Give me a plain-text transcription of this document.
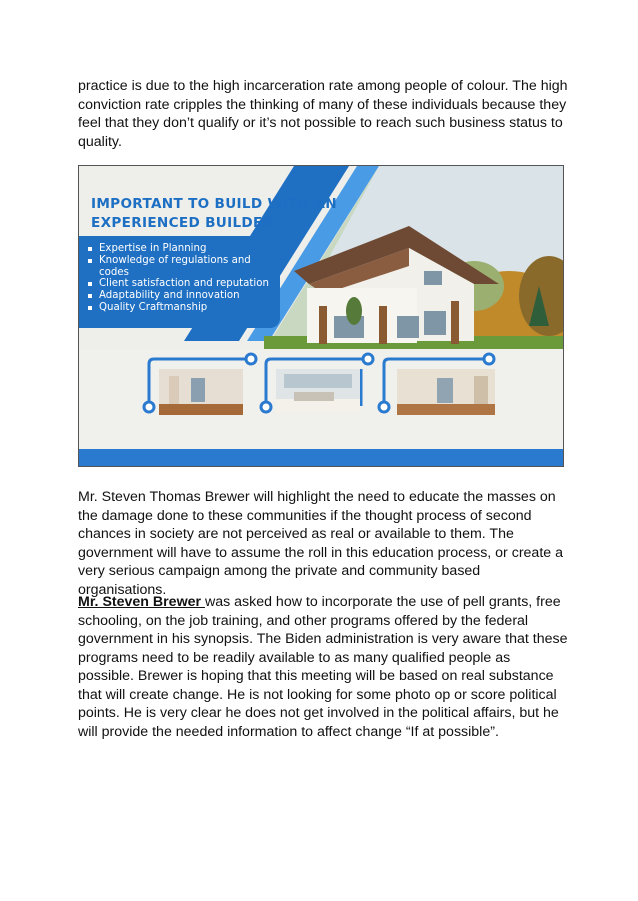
practice is due to the high incarceration rate among people of colour. The high conviction rate cripples the thinking of many of these individuals because they feel that they don’t qualify or it’s not possible to reach such business status to quality.

IMPORTANT TO BUILD WITH AN EXPERIENCED BUILDER

Expertise in Planning
Knowledge of regulations and codes
Client satisfaction and reputation
Adaptability and innovation
Quality Craftmanship

Mr. Steven Thomas Brewer will highlight the need to educate the masses on the damage done to these communities if the thought process of second chances in society are not perceived as real or available to them. The government will have to assume the roll in this education process, or create a very serious campaign among the private and community based organisations.

Mr. Steven Brewer was asked how to incorporate the use of pell grants, free schooling, on the job training, and other programs offered by the federal government in his synopsis. The Biden administration is very aware that these programs need to be readily available to as many qualified people as possible. Brewer is hoping that this meeting will be based on real substance that will create change. He is not looking for some photo op or score political points. He is very clear he does not get involved in the political affairs, but he will provide the needed information to affect change “If at possible”.
